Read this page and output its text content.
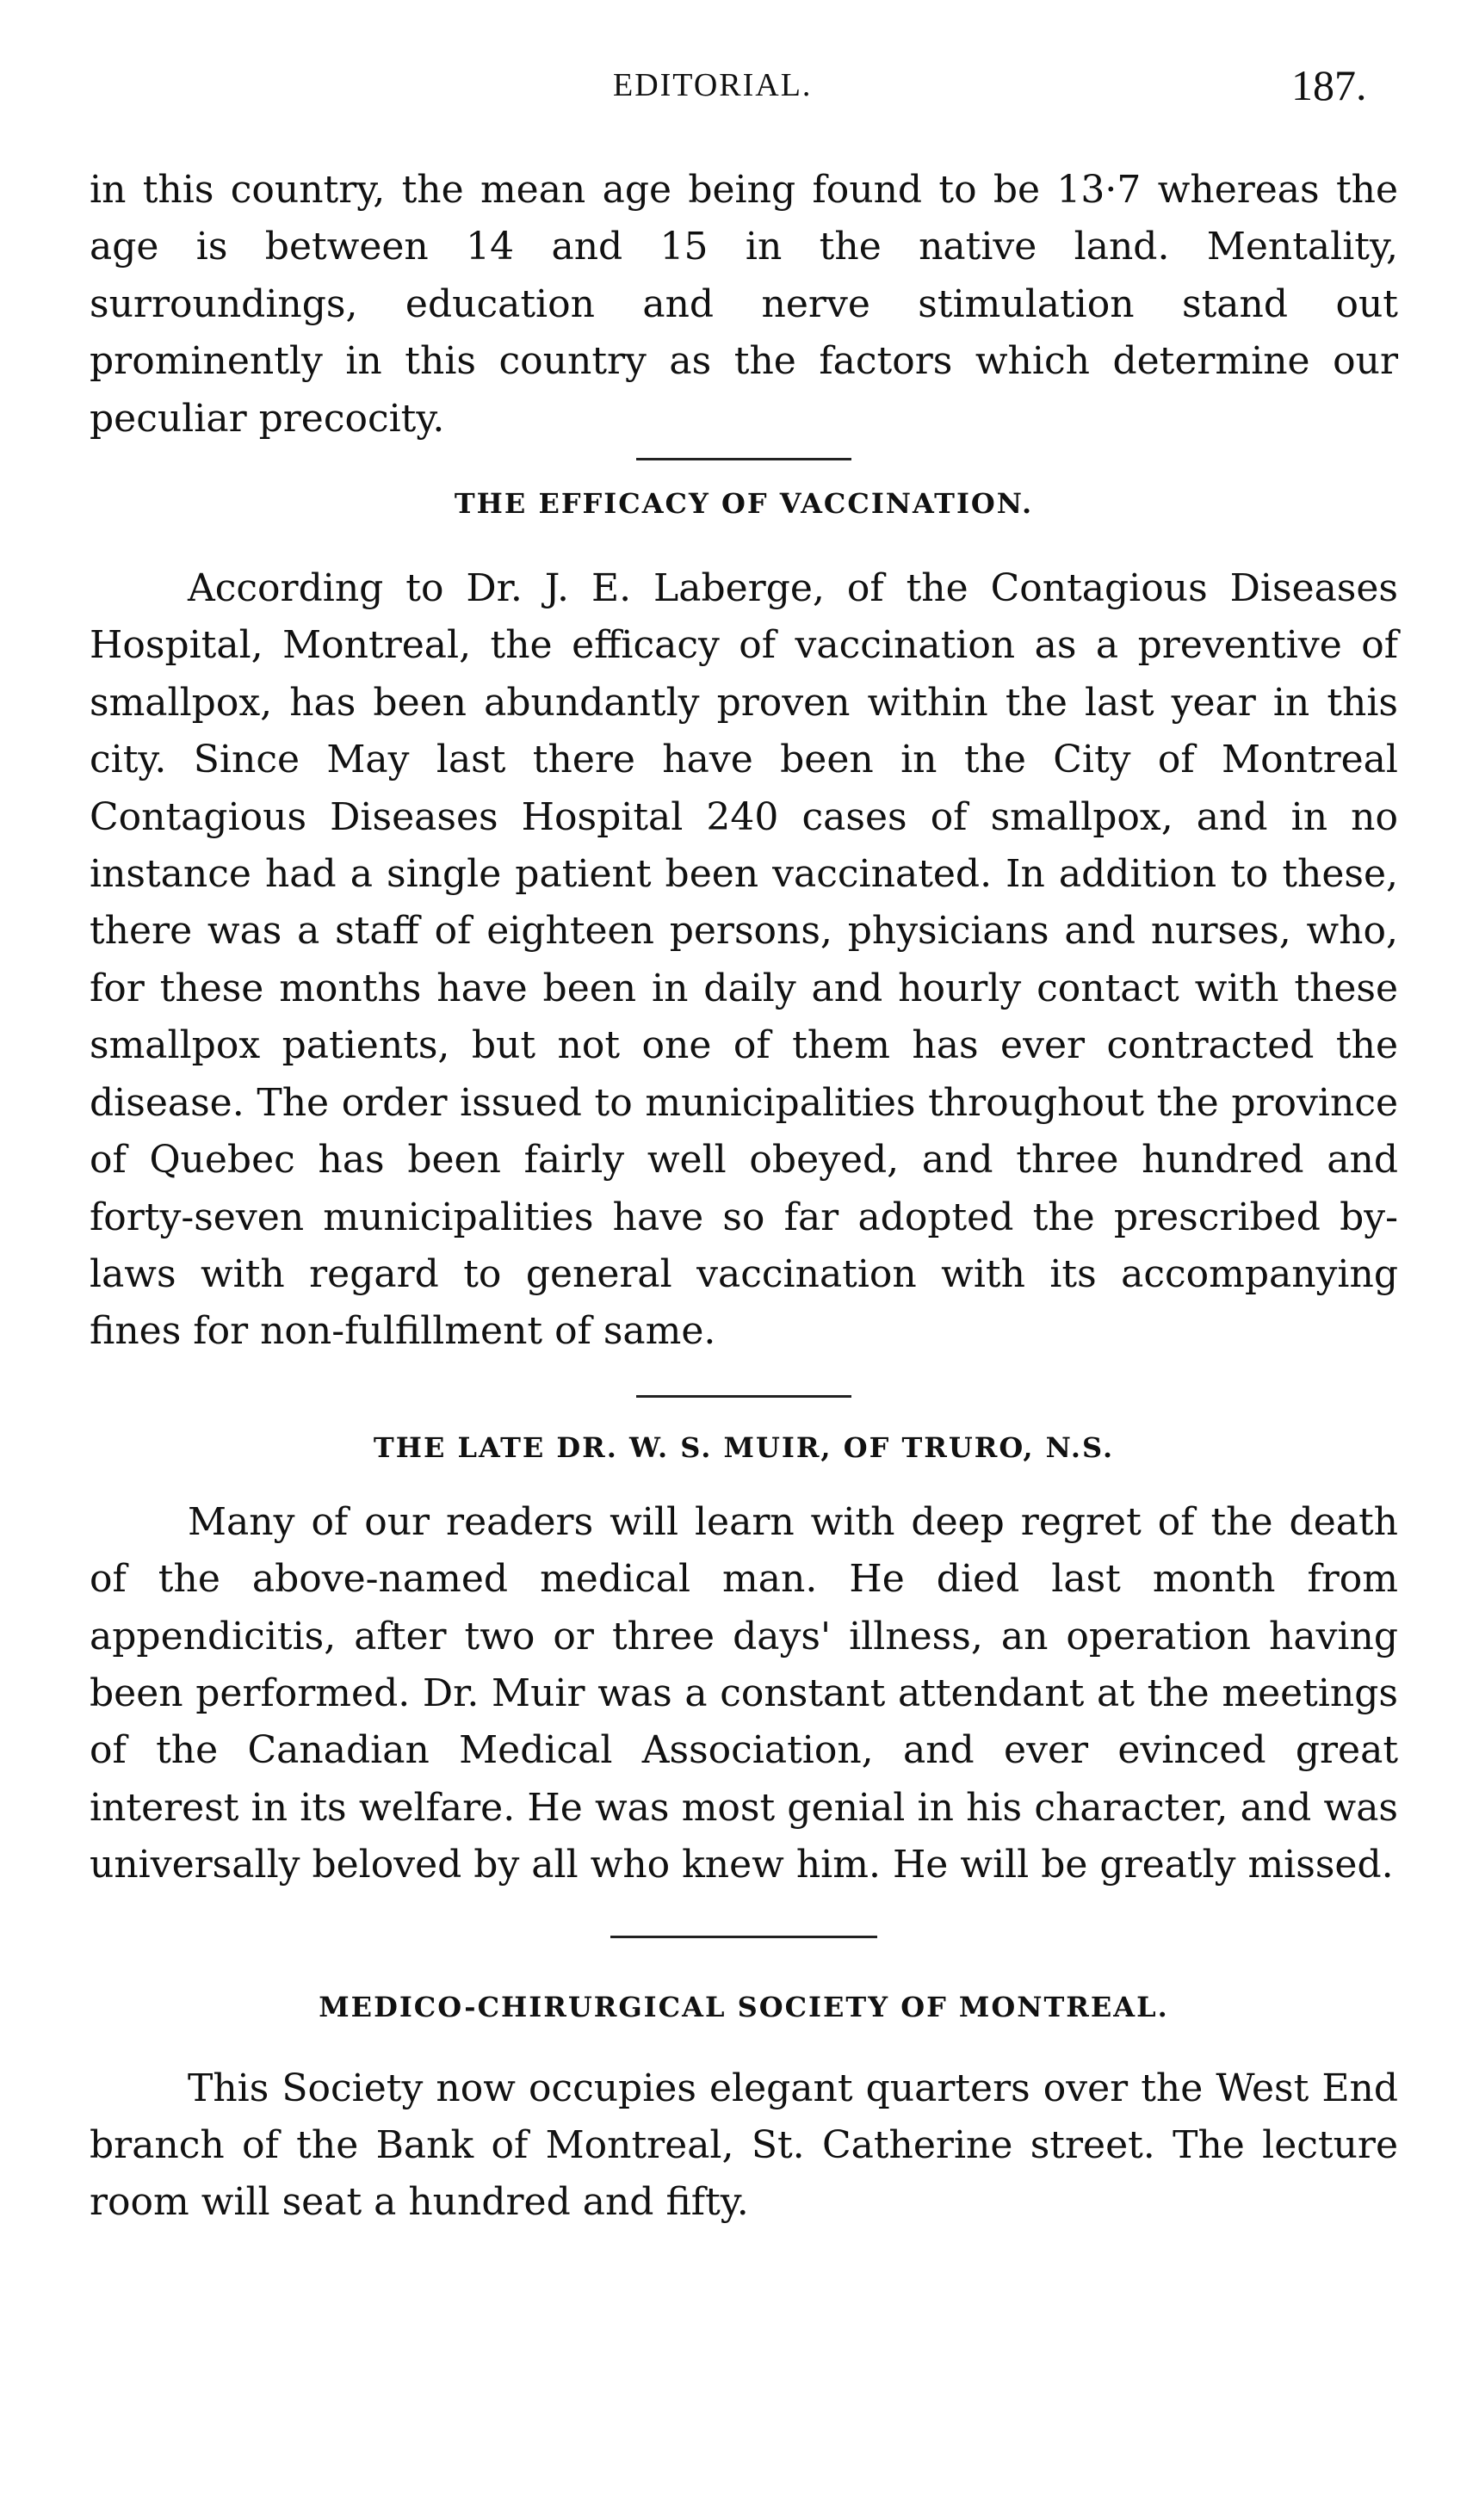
EDITORIAL.	187.

in this country, the mean age being found to be 13·7 whereas the age is between 14 and 15 in the native land. Mentality, surroundings, education and nerve stimulation stand out prominently in this country as the factors which determine our peculiar precocity.

THE EFFICACY OF VACCINATION.

According to Dr. J. E. Laberge, of the Contagious Diseases Hospital, Montreal, the efficacy of vaccination as a preventive of smallpox, has been abundantly proven within the last year in this city. Since May last there have been in the City of Montreal Contagious Diseases Hospital 240 cases of smallpox, and in no instance had a single patient been vaccinated. In addition to these, there was a staff of eighteen persons, physicians and nurses, who, for these months have been in daily and hourly contact with these smallpox patients, but not one of them has ever contracted the disease. The order issued to municipalities throughout the province of Quebec has been fairly well obeyed, and three hundred and forty-seven municipalities have so far adopted the prescribed by-laws with regard to general vaccination with its accompanying fines for non-fulfillment of same.

THE LATE DR. W. S. MUIR, OF TRURO, N.S.

Many of our readers will learn with deep regret of the death of the above-named medical man. He died last month from appendicitis, after two or three days' illness, an operation having been performed. Dr. Muir was a constant attendant at the meetings of the Canadian Medical Association, and ever evinced great interest in its welfare. He was most genial in his character, and was universally beloved by all who knew him. He will be greatly missed.

MEDICO-CHIRURGICAL SOCIETY OF MONTREAL.

This Society now occupies elegant quarters over the West End branch of the Bank of Montreal, St. Catherine street. The lecture room will seat a hundred and fifty.
